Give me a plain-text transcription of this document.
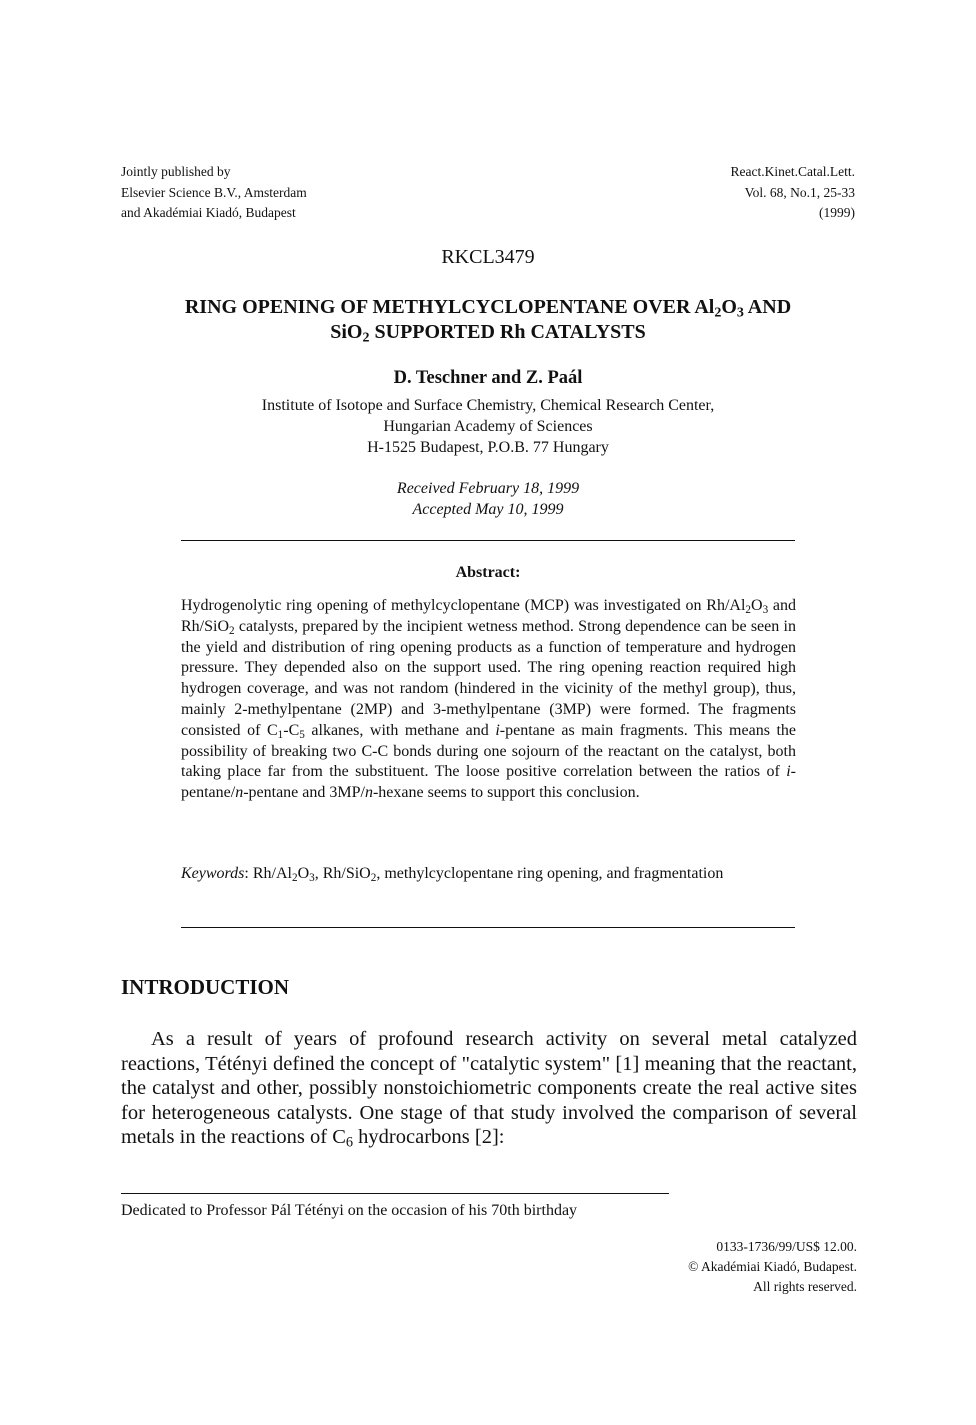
Jointly published by
Elsevier Science B.V., Amsterdam
and Akadémiai Kiadó, Budapest
React.Kinet.Catal.Lett.
Vol. 68, No.1, 25-33
(1999)
RKCL3479
RING OPENING OF METHYLCYCLOPENTANE OVER $Al_2O_3$ AND
SiO$_2$ SUPPORTED Rh CATALYSTS
D. Teschner and Z. Paál
Institute of Isotope and Surface Chemistry, Chemical Research Center,
Hungarian Academy of Sciences
H-1525 Budapest, P.O.B. 77 Hungary
Received February 18, 1999
Accepted May 10, 1999
Abstract:
Hydrogenolytic ring opening of methylcyclopentane (MCP) was investigated on $Rh/Al_2O_3$ and Rh/SiO$_2$ catalysts, prepared by the incipient wetness method. Strong dependence can be seen in the yield and distribution of ring opening products as a function of temperature and hydrogen pressure. They depended also on the support used. The ring opening reaction required high hydrogen coverage, and was not random (hindered in the vicinity of the methyl group), thus, mainly 2-methylpentane (2MP) and 3-methylpentane (3MP) were formed. The fragments consisted of $C_1-C_5$ alkanes, with methane and i-pentane as main fragments. This means the possibility of breaking two C-C bonds during one sojourn of the reactant on the catalyst, both taking place far from the substituent. The loose positive correlation between the ratios of i-pentane/n-pentane and 3MP/n-hexane seems to support this conclusion.
Keywords: $Rh/Al_2O_3$, Rh/SiO$_2$, methylcyclopentane ring opening, and fragmentation
INTRODUCTION
As a result of years of profound research activity on several metal catalyzed reactions, Tétényi defined the concept of "catalytic system" [1] meaning that the reactant, the catalyst and other, possibly nonstoichiometric components create the real active sites for heterogeneous catalysts. One stage of that study involved the comparison of several metals in the reactions of $C_6$ hydrocarbons [2]:
Dedicated to Professor Pál Tétényi on the occasion of his 70th birthday
0133-1736/99/US$ 12.00.
© Akadémiai Kiadó, Budapest.
All rights reserved.
